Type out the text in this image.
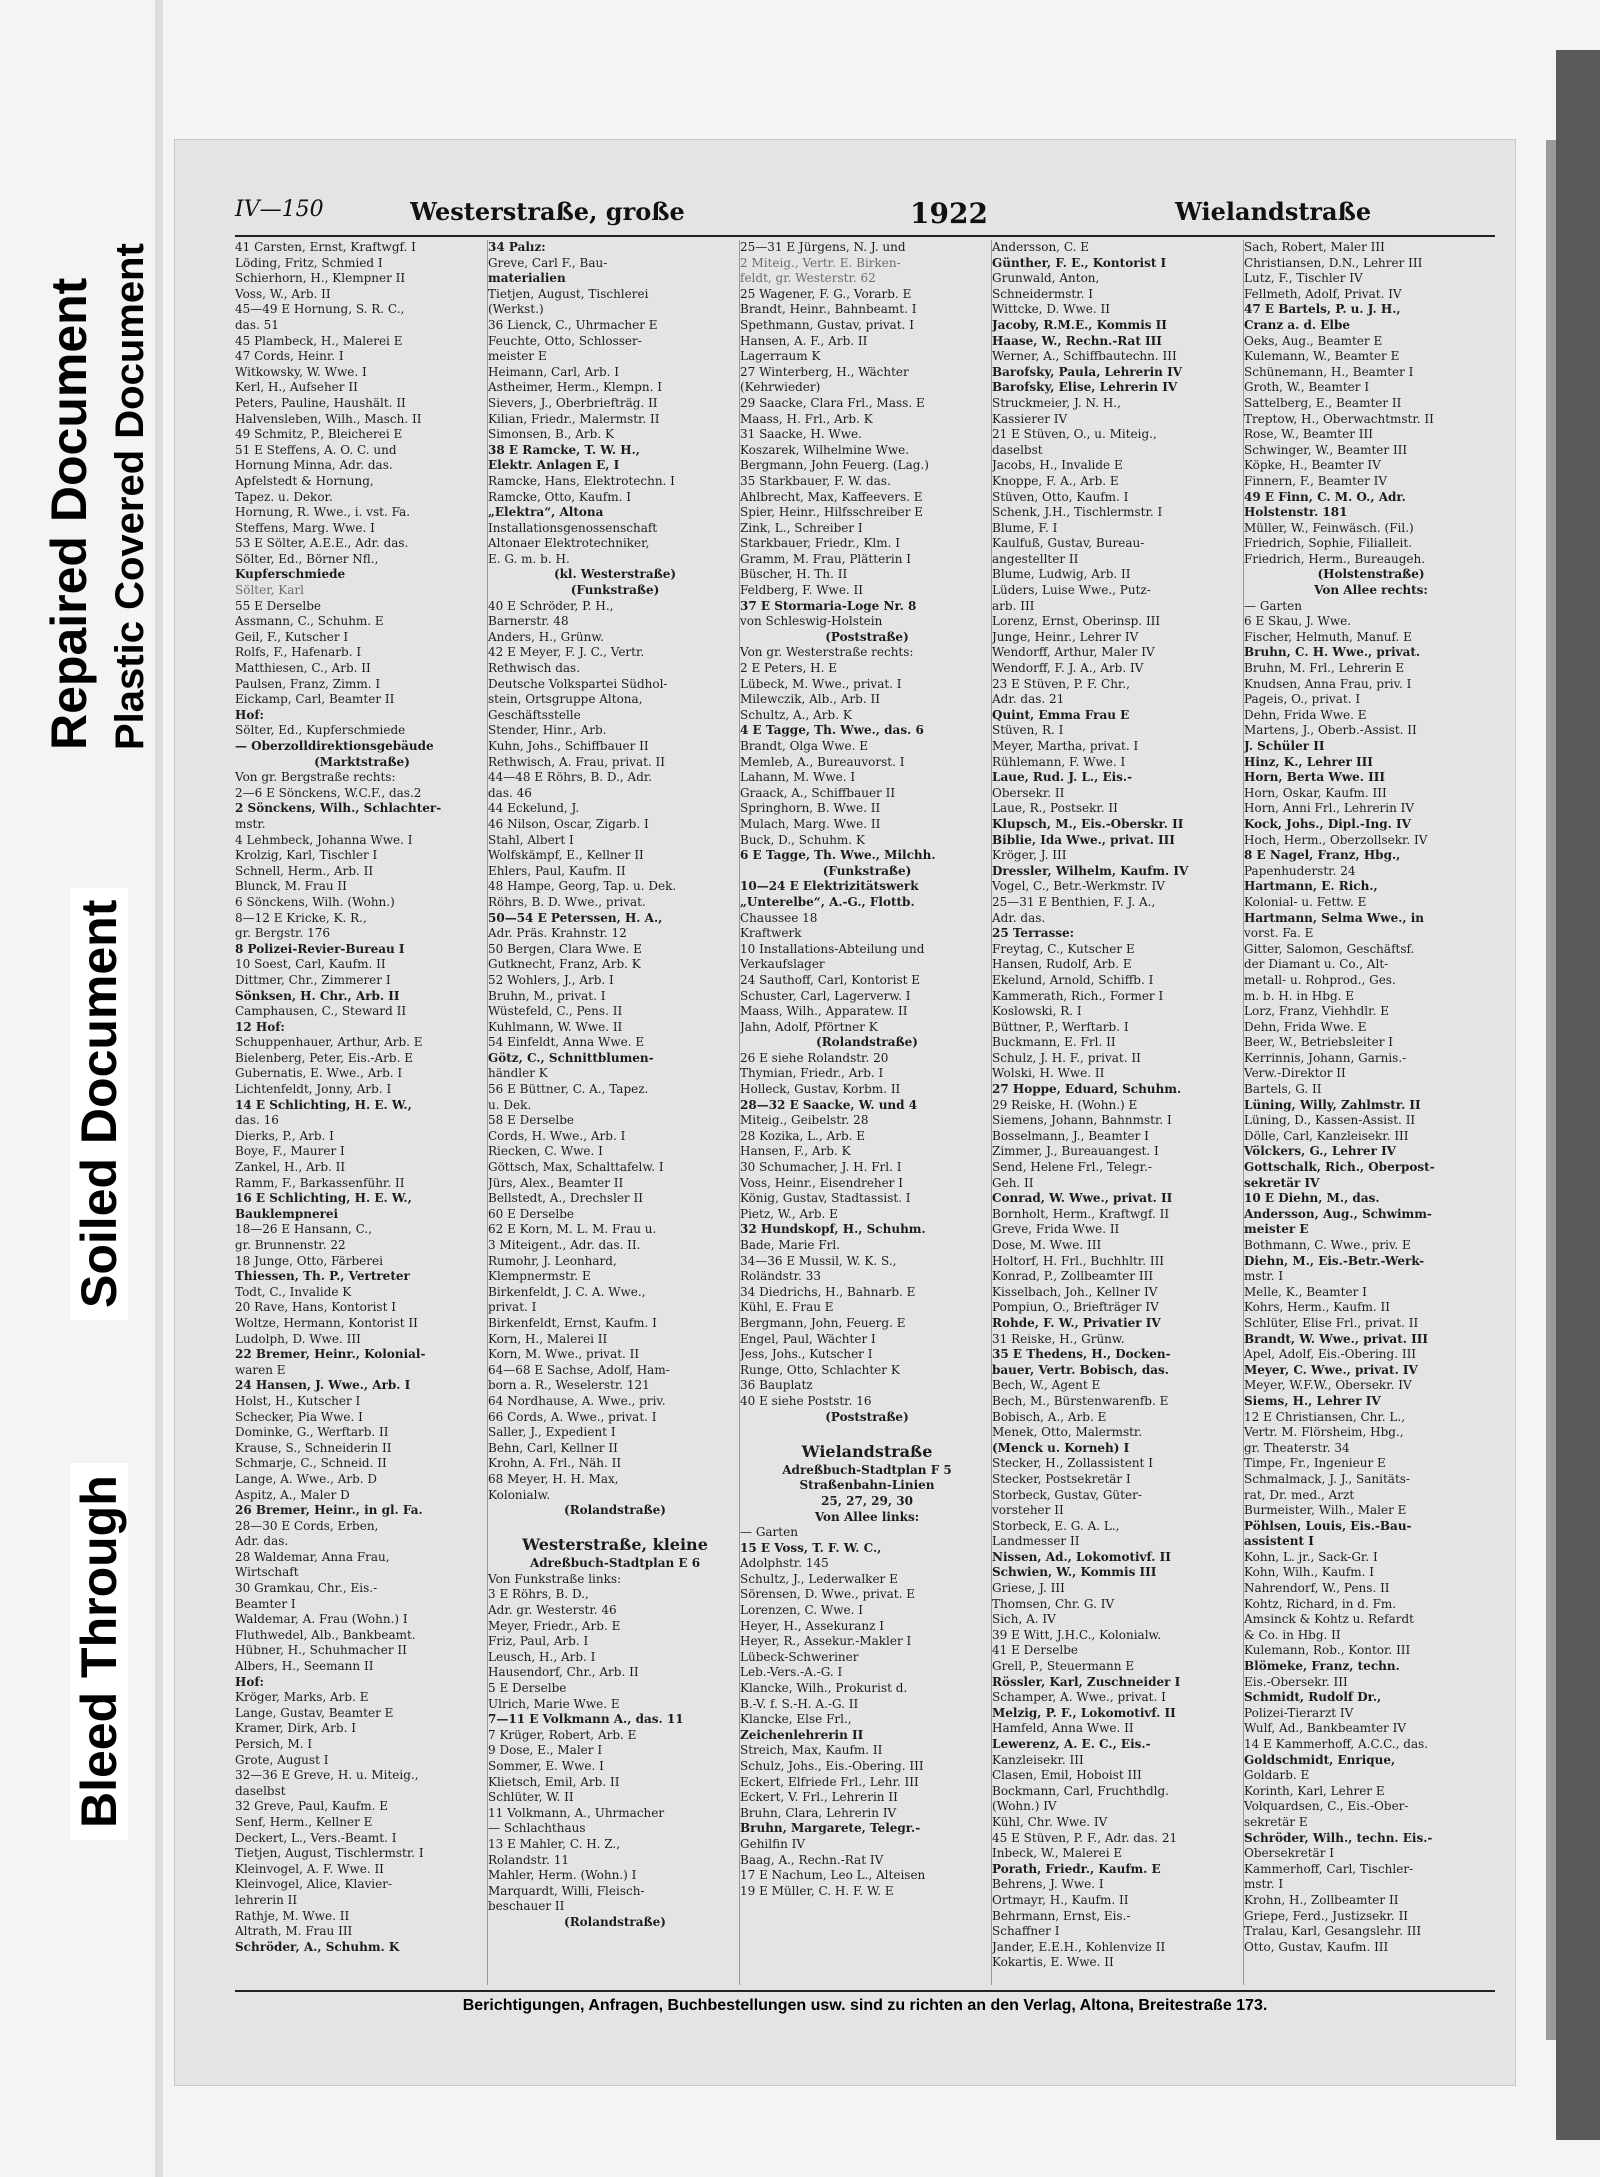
Repaired Document Plastic Covered Document
Soiled Document
Bleed Through
IV—150	Westerstraße, große	1922	Wielandstraße
41 Carsten, Ernst, Kraftwgf. I
Löding, Fritz, Schmied I
Schierhorn, H., Klempner II
Voss, W., Arb. II
45—49 E Hornung, S. R. C.,
das. 51
45 Plambeck, H., Malerei E
47 Cords, Heinr. I
Witkowsky, W. Wwe. I
Kerl, H., Aufseher II
Peters, Pauline, Haushält. II
Halvensleben, Wilh., Masch. II
49 Schmitz, P., Bleicherei E
51 E Steffens, A. O. C. und
Hornung Minna, Adr. das.
Apfelstedt & Hornung,
Tapez. u. Dekor.
Hornung, R. Wwe., i. vst. Fa.
Steffens, Marg. Wwe. I
53 E Sölter, A.E.E., Adr. das.
Sölter, Ed., Börner Nfl.,
Kupferschmiede
Sölter, Karl
55 E Derselbe
Assmann, C., Schuhm. E
Geil, F., Kutscher I
Rolfs, F., Hafenarb. I
Matthiesen, C., Arb. II
Paulsen, Franz, Zimm. I
Eickamp, Carl, Beamter II
Hof:
Sölter, Ed., Kupferschmiede
— Oberzolldirektionsgebäude
(Marktstraße)
Von gr. Bergstraße rechts:
2—6 E Sönckens, W.C.F., das.2
2 Sönckens, Wilh., Schlachter-
mstr.
4 Lehmbeck, Johanna Wwe. I
Krolzig, Karl, Tischler I
Schnell, Herm., Arb. II
Blunck, M. Frau II
6 Sönckens, Wilh. (Wohn.)
8—12 E Kricke, K. R.,
gr. Bergstr. 176
8 Polizei-Revier-Bureau I
10 Soest, Carl, Kaufm. II
Dittmer, Chr., Zimmerer I
Sönksen, H. Chr., Arb. II
Camphausen, C., Steward II
12 Hof:
Schuppenhauer, Arthur, Arb. E
Bielenberg, Peter, Eis.-Arb. E
Gubernatis, E. Wwe., Arb. I
Lichtenfeldt, Jonny, Arb. I
14 E Schlichting, H. E. W.,
das. 16
Dierks, P., Arb. I
Boye, F., Maurer I
Zankel, H., Arb. II
Ramm, F., Barkassenführ. II
16 E Schlichting, H. E. W.,
Bauklempnerei
18—26 E Hansann, C.,
gr. Brunnenstr. 22
18 Junge, Otto, Färberei
Thiessen, Th. P., Vertreter
Todt, C., Invalide K
20 Rave, Hans, Kontorist I
Woltze, Hermann, Kontorist II
Ludolph, D. Wwe. III
22 Bremer, Heinr., Kolonial-
waren E
24 Hansen, J. Wwe., Arb. I
Holst, H., Kutscher I
Schecker, Pia Wwe. I
Dominke, G., Werftarb. II
Krause, S., Schneiderin II
Schmarje, C., Schneid. II
Lange, A. Wwe., Arb. D
Aspitz, A., Maler D
26 Bremer, Heinr., in gl. Fa.
28—30 E Cords, Erben,
Adr. das.
28 Waldemar, Anna Frau,
Wirtschaft
30 Gramkau, Chr., Eis.-
Beamter I
Waldemar, A. Frau (Wohn.) I
Fluthwedel, Alb., Bankbeamt.
Hübner, H., Schuhmacher II
Albers, H., Seemann II
Hof:
Kröger, Marks, Arb. E
Lange, Gustav, Beamter E
Kramer, Dirk, Arb. I
Persich, M. I
Grote, August I
32—36 E Greve, H. u. Miteig.,
daselbst
32 Greve, Paul, Kaufm. E
Senf, Herm., Kellner E
Deckert, L., Vers.-Beamt. I
Tietjen, August, Tischlermstr. I
Kleinvogel, A. F. Wwe. II
Kleinvogel, Alice, Klavier-
lehrerin II
Rathje, M. Wwe. II
Altrath, M. Frau III
Schröder, A., Schuhm. K
34 Palız:
Greve, Carl F., Bau-
materialien
Tietjen, August, Tischlerei
(Werkst.)
36 Lienck, C., Uhrmacher E
Feuchte, Otto, Schlosser-
meister E
Heimann, Carl, Arb. I
Astheimer, Herm., Klempn. I
Sievers, J., Oberbriefträg. II
Kilian, Friedr., Malermstr. II
Simonsen, B., Arb. K
38 E Ramcke, T. W. H.,
Elektr. Anlagen E, I
Ramcke, Hans, Elektrotechn. I
Ramcke, Otto, Kaufm. I
„Elektra“, Altona
Installationsgenossenschaft
Altonaer Elektrotechniker,
E. G. m. b. H.
(kl. Westerstraße)
(Funkstraße)
40 E Schröder, P. H.,
Barnerstr. 48
Anders, H., Grünw.
42 E Meyer, F. J. C., Vertr.
Rethwisch das.
Deutsche Volkspartei Südhol-
stein, Ortsgruppe Altona,
Geschäftsstelle
Stender, Hinr., Arb.
Kuhn, Johs., Schiffbauer II
Rethwisch, A. Frau, privat. II
44—48 E Röhrs, B. D., Adr.
das. 46
44 Eckelund, J.
46 Nilson, Oscar, Zigarb. I
Stahl, Albert I
Wolfskämpf, E., Kellner II
Ehlers, Paul, Kaufm. II
48 Hampe, Georg, Tap. u. Dek.
Röhrs, B. D. Wwe., privat.
50—54 E Peterssen, H. A.,
Adr. Präs. Krahnstr. 12
50 Bergen, Clara Wwe. E
Gutknecht, Franz, Arb. K
52 Wohlers, J., Arb. I
Bruhn, M., privat. I
Wüstefeld, C., Pens. II
Kuhlmann, W. Wwe. II
54 Einfeldt, Anna Wwe. E
Götz, C., Schnittblumen-
händler K
56 E Büttner, C. A., Tapez.
u. Dek.
58 E Derselbe
Cords, H. Wwe., Arb. I
Riecken, C. Wwe. I
Göttsch, Max, Schalttafelw. I
Jürs, Alex., Beamter II
Bellstedt, A., Drechsler II
60 E Derselbe
62 E Korn, M. L. M. Frau u.
3 Miteigent., Adr. das. II.
Rumohr, J. Leonhard,
Klempnermstr. E
Birkenfeldt, J. C. A. Wwe.,
privat. I
Birkenfeldt, Ernst, Kaufm. I
Korn, H., Malerei II
Korn, M. Wwe., privat. II
64—68 E Sachse, Adolf, Ham-
born a. R., Weselerstr. 121
64 Nordhause, A. Wwe., priv.
66 Cords, A. Wwe., privat. I
Saller, J., Expedient I
Behn, Carl, Kellner II
Krohn, A. Frl., Näh. II
68 Meyer, H. H. Max,
Kolonialw.
(Rolandstraße)
Westerstraße, kleine
Adreßbuch-Stadtplan E 6
Von Funkstraße links:
3 E Röhrs, B. D.,
Adr. gr. Westerstr. 46
Meyer, Friedr., Arb. E
Friz, Paul, Arb. I
Leusch, H., Arb. I
Hausendorf, Chr., Arb. II
5 E Derselbe
Ulrich, Marie Wwe. E
7—11 E Volkmann A., das. 11
7 Krüger, Robert, Arb. E
9 Dose, E., Maler I
Sommer, E. Wwe. I
Klietsch, Emil, Arb. II
Schlüter, W. II
11 Volkmann, A., Uhrmacher
— Schlachthaus
13 E Mahler, C. H. Z.,
Rolandstr. 11
Mahler, Herm. (Wohn.) I
Marquardt, Willi, Fleisch-
beschauer II
(Rolandstraße)
25—31 E Jürgens, N. J. und
2 Miteig., Vertr. E. Birken-
feldt, gr. Westerstr. 62
25 Wagener, F. G., Vorarb. E
Brandt, Heinr., Bahnbeamt. I
Spethmann, Gustav, privat. I
Hansen, A. F., Arb. II
Lagerraum K
27 Winterberg, H., Wächter
(Kehrwieder)
29 Saacke, Clara Frl., Mass. E
Maass, H. Frl., Arb. K
31 Saacke, H. Wwe.
Koszarek, Wilhelmine Wwe.
Bergmann, John Feuerg. (Lag.)
35 Starkbauer, F. W. das.
Ahlbrecht, Max, Kaffeevers. E
Spier, Heinr., Hilfsschreiber E
Zink, L., Schreiber I
Starkbauer, Friedr., Klm. I
Gramm, M. Frau, Plätterin I
Büscher, H. Th. II
Feldberg, F. Wwe. II
37 E Stormaria-Loge Nr. 8
von Schleswig-Holstein
(Poststraße)
Von gr. Westerstraße rechts:
2 E Peters, H. E
Lübeck, M. Wwe., privat. I
Milewczik, Alb., Arb. II
Schultz, A., Arb. K
4 E Tagge, Th. Wwe., das. 6
Brandt, Olga Wwe. E
Memleb, A., Bureauvorst. I
Lahann, M. Wwe. I
Graack, A., Schiffbauer II
Springhorn, B. Wwe. II
Mulach, Marg. Wwe. II
Buck, D., Schuhm. K
6 E Tagge, Th. Wwe., Milchh.
(Funkstraße)
10—24 E Elektrizitätswerk
„Unterelbe“, A.-G., Flottb.
Chaussee 18
Kraftwerk
10 Installations-Abteilung und
Verkaufslager
24 Sauthoff, Carl, Kontorist E
Schuster, Carl, Lagerverw. I
Maass, Wilh., Apparatew. II
Jahn, Adolf, Pförtner K
(Rolandstraße)
26 E siehe Rolandstr. 20
Thymian, Friedr., Arb. I
Holleck, Gustav, Korbm. II
28—32 E Saacke, W. und 4
Miteig., Geibelstr. 28
28 Kozika, L., Arb. E
Hansen, F., Arb. K
30 Schumacher, J. H. Frl. I
Voss, Heinr., Eisendreher I
König, Gustav, Stadtassist. I
Pietz, W., Arb. E
32 Hundskopf, H., Schuhm.
Bade, Marie Frl.
34—36 E Mussil, W. K. S.,
Roländstr. 33
34 Diedrichs, H., Bahnarb. E
Kühl, E. Frau E
Bergmann, John, Feuerg. E
Engel, Paul, Wächter I
Jess, Johs., Kutscher I
Runge, Otto, Schlachter K
36 Bauplatz
40 E siehe Poststr. 16
(Poststraße)
Wielandstraße
Adreßbuch-Stadtplan F 5
Straßenbahn-Linien
25, 27, 29, 30
Von Allee links:
— Garten
15 E Voss, T. F. W. C.,
Adolphstr. 145
Schultz, J., Lederwalker E
Sörensen, D. Wwe., privat. E
Lorenzen, C. Wwe. I
Heyer, H., Assekuranz I
Heyer, R., Assekur.-Makler I
Lübeck-Schweriner
Leb.-Vers.-A.-G. I
Klancke, Wilh., Prokurist d.
B.-V. f. S.-H. A.-G. II
Klancke, Else Frl.,
Zeichenlehrerin II
Streich, Max, Kaufm. II
Schulz, Johs., Eis.-Obering. III
Eckert, Elfriede Frl., Lehr. III
Eckert, V. Frl., Lehrerin II
Bruhn, Clara, Lehrerin IV
Bruhn, Margarete, Telegr.-
Gehilfin IV
Baag, A., Rechn.-Rat IV
17 E Nachum, Leo L., Alteisen
19 E Müller, C. H. F. W. E
Andersson, C. E
Günther, F. E., Kontorist I
Grunwald, Anton,
Schneidermstr. I
Wittcke, D. Wwe. II
Jacoby, R.M.E., Kommis II
Haase, W., Rechn.-Rat III
Werner, A., Schiffbautechn. III
Barofsky, Paula, Lehrerin IV
Barofsky, Elise, Lehrerin IV
Struckmeier, J. N. H.,
Kassierer IV
21 E Stüven, O., u. Miteig.,
daselbst
Jacobs, H., Invalide E
Knoppe, F. A., Arb. E
Stüven, Otto, Kaufm. I
Schenk, J.H., Tischlermstr. I
Blume, F. I
Kaulfuß, Gustav, Bureau-
angestellter II
Blume, Ludwig, Arb. II
Lüders, Luise Wwe., Putz-
arb. III
Lorenz, Ernst, Oberinsp. III
Junge, Heinr., Lehrer IV
Wendorff, Arthur, Maler IV
Wendorff, F. J. A., Arb. IV
23 E Stüven, P. F. Chr.,
Adr. das. 21
Quint, Emma Frau E
Stüven, R. I
Meyer, Martha, privat. I
Rühlemann, F. Wwe. I
Laue, Rud. J. L., Eis.-
Obersekr. II
Laue, R., Postsekr. II
Klupsch, M., Eis.-Oberskr. II
Biblie, Ida Wwe., privat. III
Kröger, J. III
Dressler, Wilhelm, Kaufm. IV
Vogel, C., Betr.-Werkmstr. IV
25—31 E Benthien, F. J. A.,
Adr. das.
25 Terrasse:
Freytag, C., Kutscher E
Hansen, Rudolf, Arb. E
Ekelund, Arnold, Schiffb. I
Kammerath, Rich., Former I
Koslowski, R. I
Büttner, P., Werftarb. I
Buckmann, E. Frl. II
Schulz, J. H. F., privat. II
Wolski, H. Wwe. II
27 Hoppe, Eduard, Schuhm.
29 Reiske, H. (Wohn.) E
Siemens, Johann, Bahnmstr. I
Bosselmann, J., Beamter I
Zimmer, J., Bureauangest. I
Send, Helene Frl., Telegr.-
Geh. II
Conrad, W. Wwe., privat. II
Bornholt, Herm., Kraftwgf. II
Greve, Frida Wwe. II
Dose, M. Wwe. III
Holtorf, H. Frl., Buchhltr. III
Konrad, P., Zollbeamter III
Kisselbach, Joh., Kellner IV
Pompiun, O., Briefträger IV
Rohde, F. W., Privatier IV
31 Reiske, H., Grünw.
35 E Thedens, H., Docken-
bauer, Vertr. Bobisch, das.
Bech, W., Agent E
Bech, M., Bürstenwarenfb. E
Bobisch, A., Arb. E
Menek, Otto, Malermstr.
(Menck u. Korneh) I
Stecker, H., Zollassistent I
Stecker, Postsekretär I
Storbeck, Gustav, Güter-
vorsteher II
Storbeck, E. G. A. L.,
Landmesser II
Nissen, Ad., Lokomotivf. II
Schwien, W., Kommis III
Griese, J. III
Thomsen, Chr. G. IV
Sich, A. IV
39 E Witt, J.H.C., Kolonialw.
41 E Derselbe
Grell, P., Steuermann E
Rössler, Karl, Zuschneider I
Schamper, A. Wwe., privat. I
Melzig, P. F., Lokomotivf. II
Hamfeld, Anna Wwe. II
Lewerenz, A. E. C., Eis.-
Kanzleisekr. III
Clasen, Emil, Hoboist III
Bockmann, Carl, Fruchthdlg.
(Wohn.) IV
Kühl, Chr. Wwe. IV
45 E Stüven, P. F., Adr. das. 21
Inbeck, W., Malerei E
Porath, Friedr., Kaufm. E
Behrens, J. Wwe. I
Ortmayr, H., Kaufm. II
Behrmann, Ernst, Eis.-
Schaffner I
Jander, E.E.H., Kohlenvize II
Kokartis, E. Wwe. II
Sach, Robert, Maler III
Christiansen, D.N., Lehrer III
Lutz, F., Tischler IV
Fellmeth, Adolf, Privat. IV
47 E Bartels, P. u. J. H.,
Cranz a. d. Elbe
Oeks, Aug., Beamter E
Kulemann, W., Beamter E
Schünemann, H., Beamter I
Groth, W., Beamter I
Sattelberg, E., Beamter II
Treptow, H., Oberwachtmstr. II
Rose, W., Beamter III
Schwinger, W., Beamter III
Köpke, H., Beamter IV
Finnern, F., Beamter IV
49 E Finn, C. M. O., Adr.
Holstenstr. 181
Müller, W., Feinwäsch. (Fil.)
Friedrich, Sophie, Filialleit.
Friedrich, Herm., Bureaugeh.
(Holstenstraße)
Von Allee rechts:
— Garten
6 E Skau, J. Wwe.
Fischer, Helmuth, Manuf. E
Bruhn, C. H. Wwe., privat.
Bruhn, M. Frl., Lehrerin E
Knudsen, Anna Frau, priv. I
Pageis, O., privat. I
Dehn, Frida Wwe. E
Martens, J., Oberb.-Assist. II
J. Schüler II
Hinz, K., Lehrer III
Horn, Berta Wwe. III
Horn, Oskar, Kaufm. III
Horn, Anni Frl., Lehrerin IV
Kock, Johs., Dipl.-Ing. IV
Hoch, Herm., Oberzollsekr. IV
8 E Nagel, Franz, Hbg.,
Papenhuderstr. 24
Hartmann, E. Rich.,
Kolonial- u. Fettw. E
Hartmann, Selma Wwe., in
vorst. Fa. E
Gitter, Salomon, Geschäftsf.
der Diamant u. Co., Alt-
metall- u. Rohprod., Ges.
m. b. H. in Hbg. E
Lorz, Franz, Viehhdlr. E
Dehn, Frida Wwe. E
Beer, W., Betriebsleiter I
Kerrinnis, Johann, Garnis.-
Verw.-Direktor II
Bartels, G. II
Lüning, Willy, Zahlmstr. II
Lüning, D., Kassen-Assist. II
Dölle, Carl, Kanzleisekr. III
Völckers, G., Lehrer IV
Gottschalk, Rich., Oberpost-
sekretär IV
10 E Diehn, M., das.
Andersson, Aug., Schwimm-
meister E
Bothmann, C. Wwe., priv. E
Diehn, M., Eis.-Betr.-Werk-
mstr. I
Melle, K., Beamter I
Kohrs, Herm., Kaufm. II
Schlüter, Elise Frl., privat. II
Brandt, W. Wwe., privat. III
Apel, Adolf, Eis.-Obering. III
Meyer, C. Wwe., privat. IV
Meyer, W.F.W., Obersekr. IV
Siems, H., Lehrer IV
12 E Christiansen, Chr. L.,
Vertr. M. Flörsheim, Hbg.,
gr. Theaterstr. 34
Timpe, Fr., Ingenieur E
Schmalmack, J. J., Sanitäts-
rat, Dr. med., Arzt
Burmeister, Wilh., Maler E
Pöhlsen, Louis, Eis.-Bau-
assistent I
Kohn, L. jr., Sack-Gr. I
Kohn, Wilh., Kaufm. I
Nahrendorf, W., Pens. II
Kohtz, Richard, in d. Fm.
Amsinck & Kohtz u. Refardt
& Co. in Hbg. II
Kulemann, Rob., Kontor. III
Blömeke, Franz, techn.
Eis.-Obersekr. III
Schmidt, Rudolf Dr.,
Polizei-Tierarzt IV
Wulf, Ad., Bankbeamter IV
14 E Kammerhoff, A.C.C., das.
Goldschmidt, Enrique,
Goldarb. E
Korinth, Karl, Lehrer E
Volquardsen, C., Eis.-Ober-
sekretär E
Schröder, Wilh., techn. Eis.-
Obersekretär I
Kammerhoff, Carl, Tischler-
mstr. I
Krohn, H., Zollbeamter II
Griepe, Ferd., Justizsekr. II
Tralau, Karl, Gesangslehr. III
Otto, Gustav, Kaufm. III
Berichtigungen, Anfragen, Buchbestellungen usw. sind zu richten an den Verlag, Altona, Breitestraße 173.
